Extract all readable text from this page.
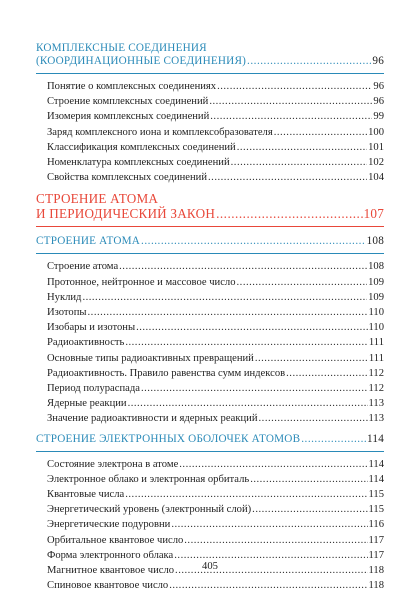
КОМПЛЕКСНЫЕ СОЕДИНЕНИЯ
(КООРДИНАЦИОННЫЕ СОЕДИНЕНИЯ) .....	96
Понятие о комплексных соединениях .....	96
Строение комплексных соединений .....	96
Изомерия комплексных соединений .....	99
Заряд комплексного иона и комплексобразователя .....	100
Классификация комплексных соединений .....	101
Номенклатура комплексных соединений .....	102
Свойства комплексных соединений .....	104
СТРОЕНИЕ АТОМА
И ПЕРИОДИЧЕСКИЙ ЗАКОН .....	107
СТРОЕНИЕ АТОМА .....	108
Строение атома .....	108
Протонное, нейтронное и массовое число .....	109
Нуклид .....	109
Изотопы .....	110
Изобары и изотоны .....	110
Радиоактивность .....	111
Основные типы радиоактивных превращений .....	111
Радиоактивность. Правило равенства сумм индексов .....	112
Период полураспада .....	112
Ядерные реакции .....	113
Значение радиоактивности и ядерных реакций .....	113
СТРОЕНИЕ ЭЛЕКТРОННЫХ ОБОЛОЧЕК АТОМОВ .....	114
Состояние электрона в атоме .....	114
Электронное облако и электронная орбиталь .....	114
Квантовые числа .....	115
Энергетический уровень (электронный слой) .....	115
Энергетические подуровни .....	116
Орбитальное квантовое число .....	117
Форма электронного облака .....	117
Магнитное квантовое число .....	118
Спиновое квантовое число .....	118
405
